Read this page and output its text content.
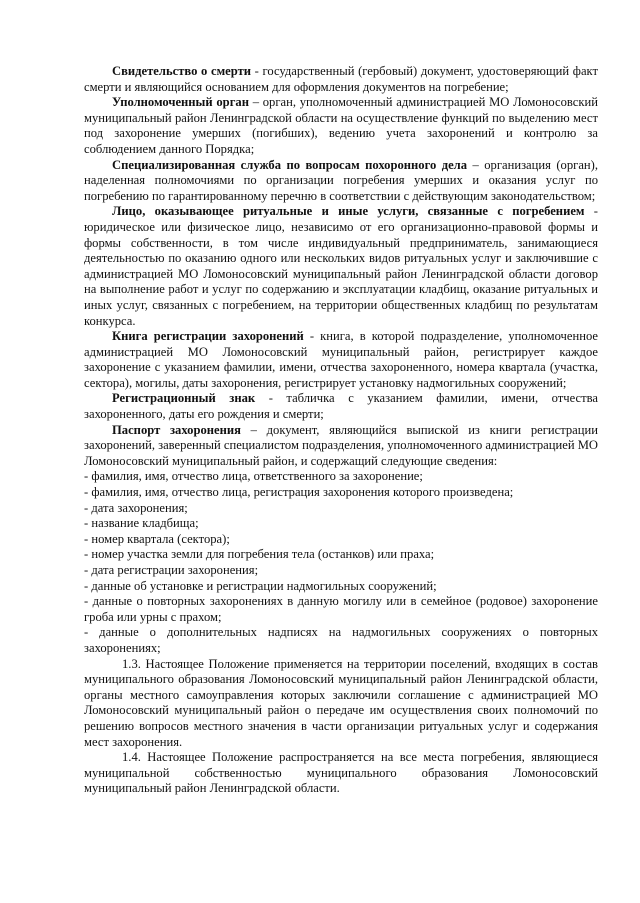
Свидетельство о смерти - государственный (гербовый) документ, удостоверяющий факт смерти и являющийся основанием для оформления документов на погребение;

Уполномоченный орган – орган, уполномоченный администрацией МО Ломоносовский муниципальный район Ленинградской области на осуществление функций по выделению мест под захоронение умерших (погибших), ведению учета захоронений и контролю за соблюдением данного Порядка;

Специализированная служба по вопросам похоронного дела – организация (орган), наделенная полномочиями по организации погребения умерших и оказания услуг по погребению по гарантированному перечню в соответствии с действующим законодательством;

Лицо, оказывающее ритуальные и иные услуги, связанные с погребением - юридическое или физическое лицо, независимо от его организационно-правовой формы и формы собственности, в том числе индивидуальный предприниматель, занимающиеся деятельностью по оказанию одного или нескольких видов ритуальных услуг и заключившие с администрацией МО Ломоносовский муниципальный район Ленинградской области договор на выполнение работ и услуг по содержанию и эксплуатации кладбищ, оказание ритуальных и иных услуг, связанных с погребением, на территории общественных кладбищ по результатам конкурса.

Книга регистрации захоронений - книга, в которой подразделение, уполномоченное администрацией МО Ломоносовский муниципальный район, регистрирует каждое захоронение с указанием фамилии, имени, отчества захороненного, номера квартала (участка, сектора), могилы, даты захоронения, регистрирует установку надмогильных сооружений;

Регистрационный знак - табличка с указанием фамилии, имени, отчества захороненного, даты его рождения и смерти;

Паспорт захоронения – документ, являющийся выпиской из книги регистрации захоронений, заверенный специалистом подразделения, уполномоченного администрацией МО Ломоносовский муниципальный район, и содержащий следующие сведения:

- фамилия, имя, отчество лица, ответственного за захоронение;
- фамилия, имя, отчество лица, регистрация захоронения которого произведена;
- дата захоронения;
- название кладбища;
- номер квартала (сектора);
- номер участка земли для погребения тела (останков) или праха;
- дата регистрации захоронения;
- данные об установке и регистрации надмогильных сооружений;
- данные о повторных захоронениях в данную могилу или в семейное (родовое) захоронение гроба или урны с прахом;
- данные о дополнительных надписях на надмогильных сооружениях о повторных захоронениях;

1.3. Настоящее Положение применяется на территории поселений, входящих в состав муниципального образования Ломоносовский муниципальный район Ленинградской области, органы местного самоуправления которых заключили соглашение с администрацией МО Ломоносовский муниципальный район о передаче им осуществления своих полномочий по решению вопросов местного значения в части организации ритуальных услуг и содержания мест захоронения.

1.4. Настоящее Положение распространяется на все места погребения, являющиеся муниципальной собственностью муниципального образования Ломоносовский муниципальный район Ленинградской области.
